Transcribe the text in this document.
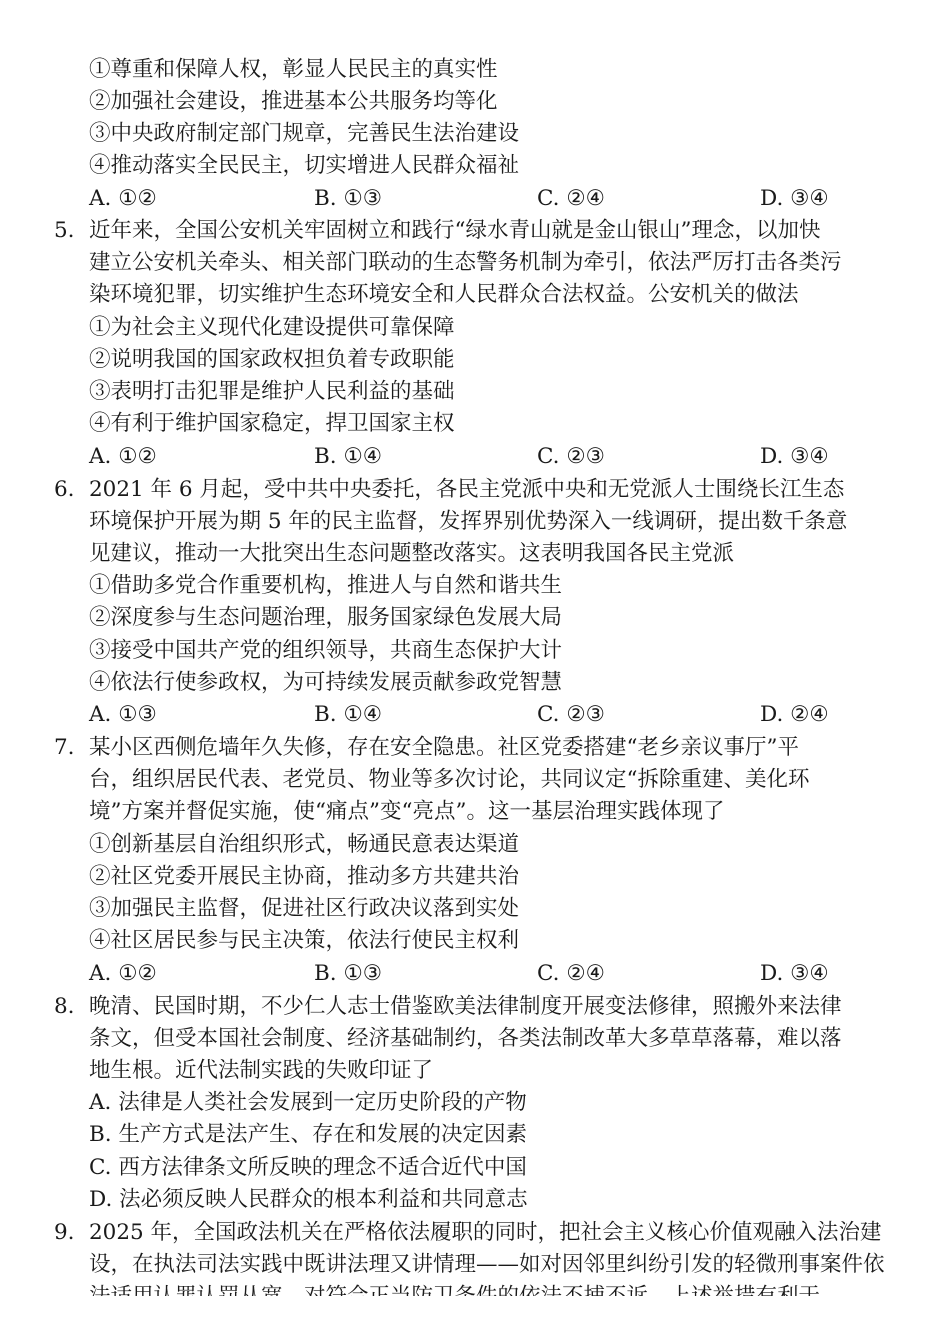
①尊重和保障人权，彰显人民民主的真实性
②加强社会建设，推进基本公共服务均等化
③中央政府制定部门规章，完善民生法治建设
④推动落实全民民主，切实增进人民群众福祉
A. ①②	B. ①③	C. ②④	D. ③④
5. 近年来，全国公安机关牢固树立和践行“绿水青山就是金山银山”理念，以加快
建立公安机关牵头、相关部门联动的生态警务机制为牵引，依法严厉打击各类污
染环境犯罪，切实维护生态环境安全和人民群众合法权益。公安机关的做法
①为社会主义现代化建设提供可靠保障
②说明我国的国家政权担负着专政职能
③表明打击犯罪是维护人民利益的基础
④有利于维护国家稳定，捍卫国家主权
A. ①②	B. ①④	C. ②③	D. ③④
6. 2021 年 6 月起，受中共中央委托，各民主党派中央和无党派人士围绕长江生态
环境保护开展为期 5 年的民主监督，发挥界别优势深入一线调研，提出数千条意
见建议，推动一大批突出生态问题整改落实。这表明我国各民主党派
①借助多党合作重要机构，推进人与自然和谐共生
②深度参与生态问题治理，服务国家绿色发展大局
③接受中国共产党的组织领导，共商生态保护大计
④依法行使参政权，为可持续发展贡献参政党智慧
A. ①③	B. ①④	C. ②③	D. ②④
7. 某小区西侧危墙年久失修，存在安全隐患。社区党委搭建“老乡亲议事厅”平
台，组织居民代表、老党员、物业等多次讨论，共同议定“拆除重建、美化环
境”方案并督促实施，使“痛点”变“亮点”。这一基层治理实践体现了
①创新基层自治组织形式，畅通民意表达渠道
②社区党委开展民主协商，推动多方共建共治
③加强民主监督，促进社区行政决议落到实处
④社区居民参与民主决策，依法行使民主权利
A. ①②	B. ①③	C. ②④	D. ③④
8. 晚清、民国时期，不少仁人志士借鉴欧美法律制度开展变法修律，照搬外来法律
条文，但受本国社会制度、经济基础制约，各类法制改革大多草草落幕，难以落
地生根。近代法制实践的失败印证了
A. 法律是人类社会发展到一定历史阶段的产物
B. 生产方式是法产生、存在和发展的决定因素
C. 西方法律条文所反映的理念不适合近代中国
D. 法必须反映人民群众的根本利益和共同意志
9. 2025 年，全国政法机关在严格依法履职的同时，把社会主义核心价值观融入法治建
设，在执法司法实践中既讲法理又讲情理——如对因邻里纠纷引发的轻微刑事案件依
